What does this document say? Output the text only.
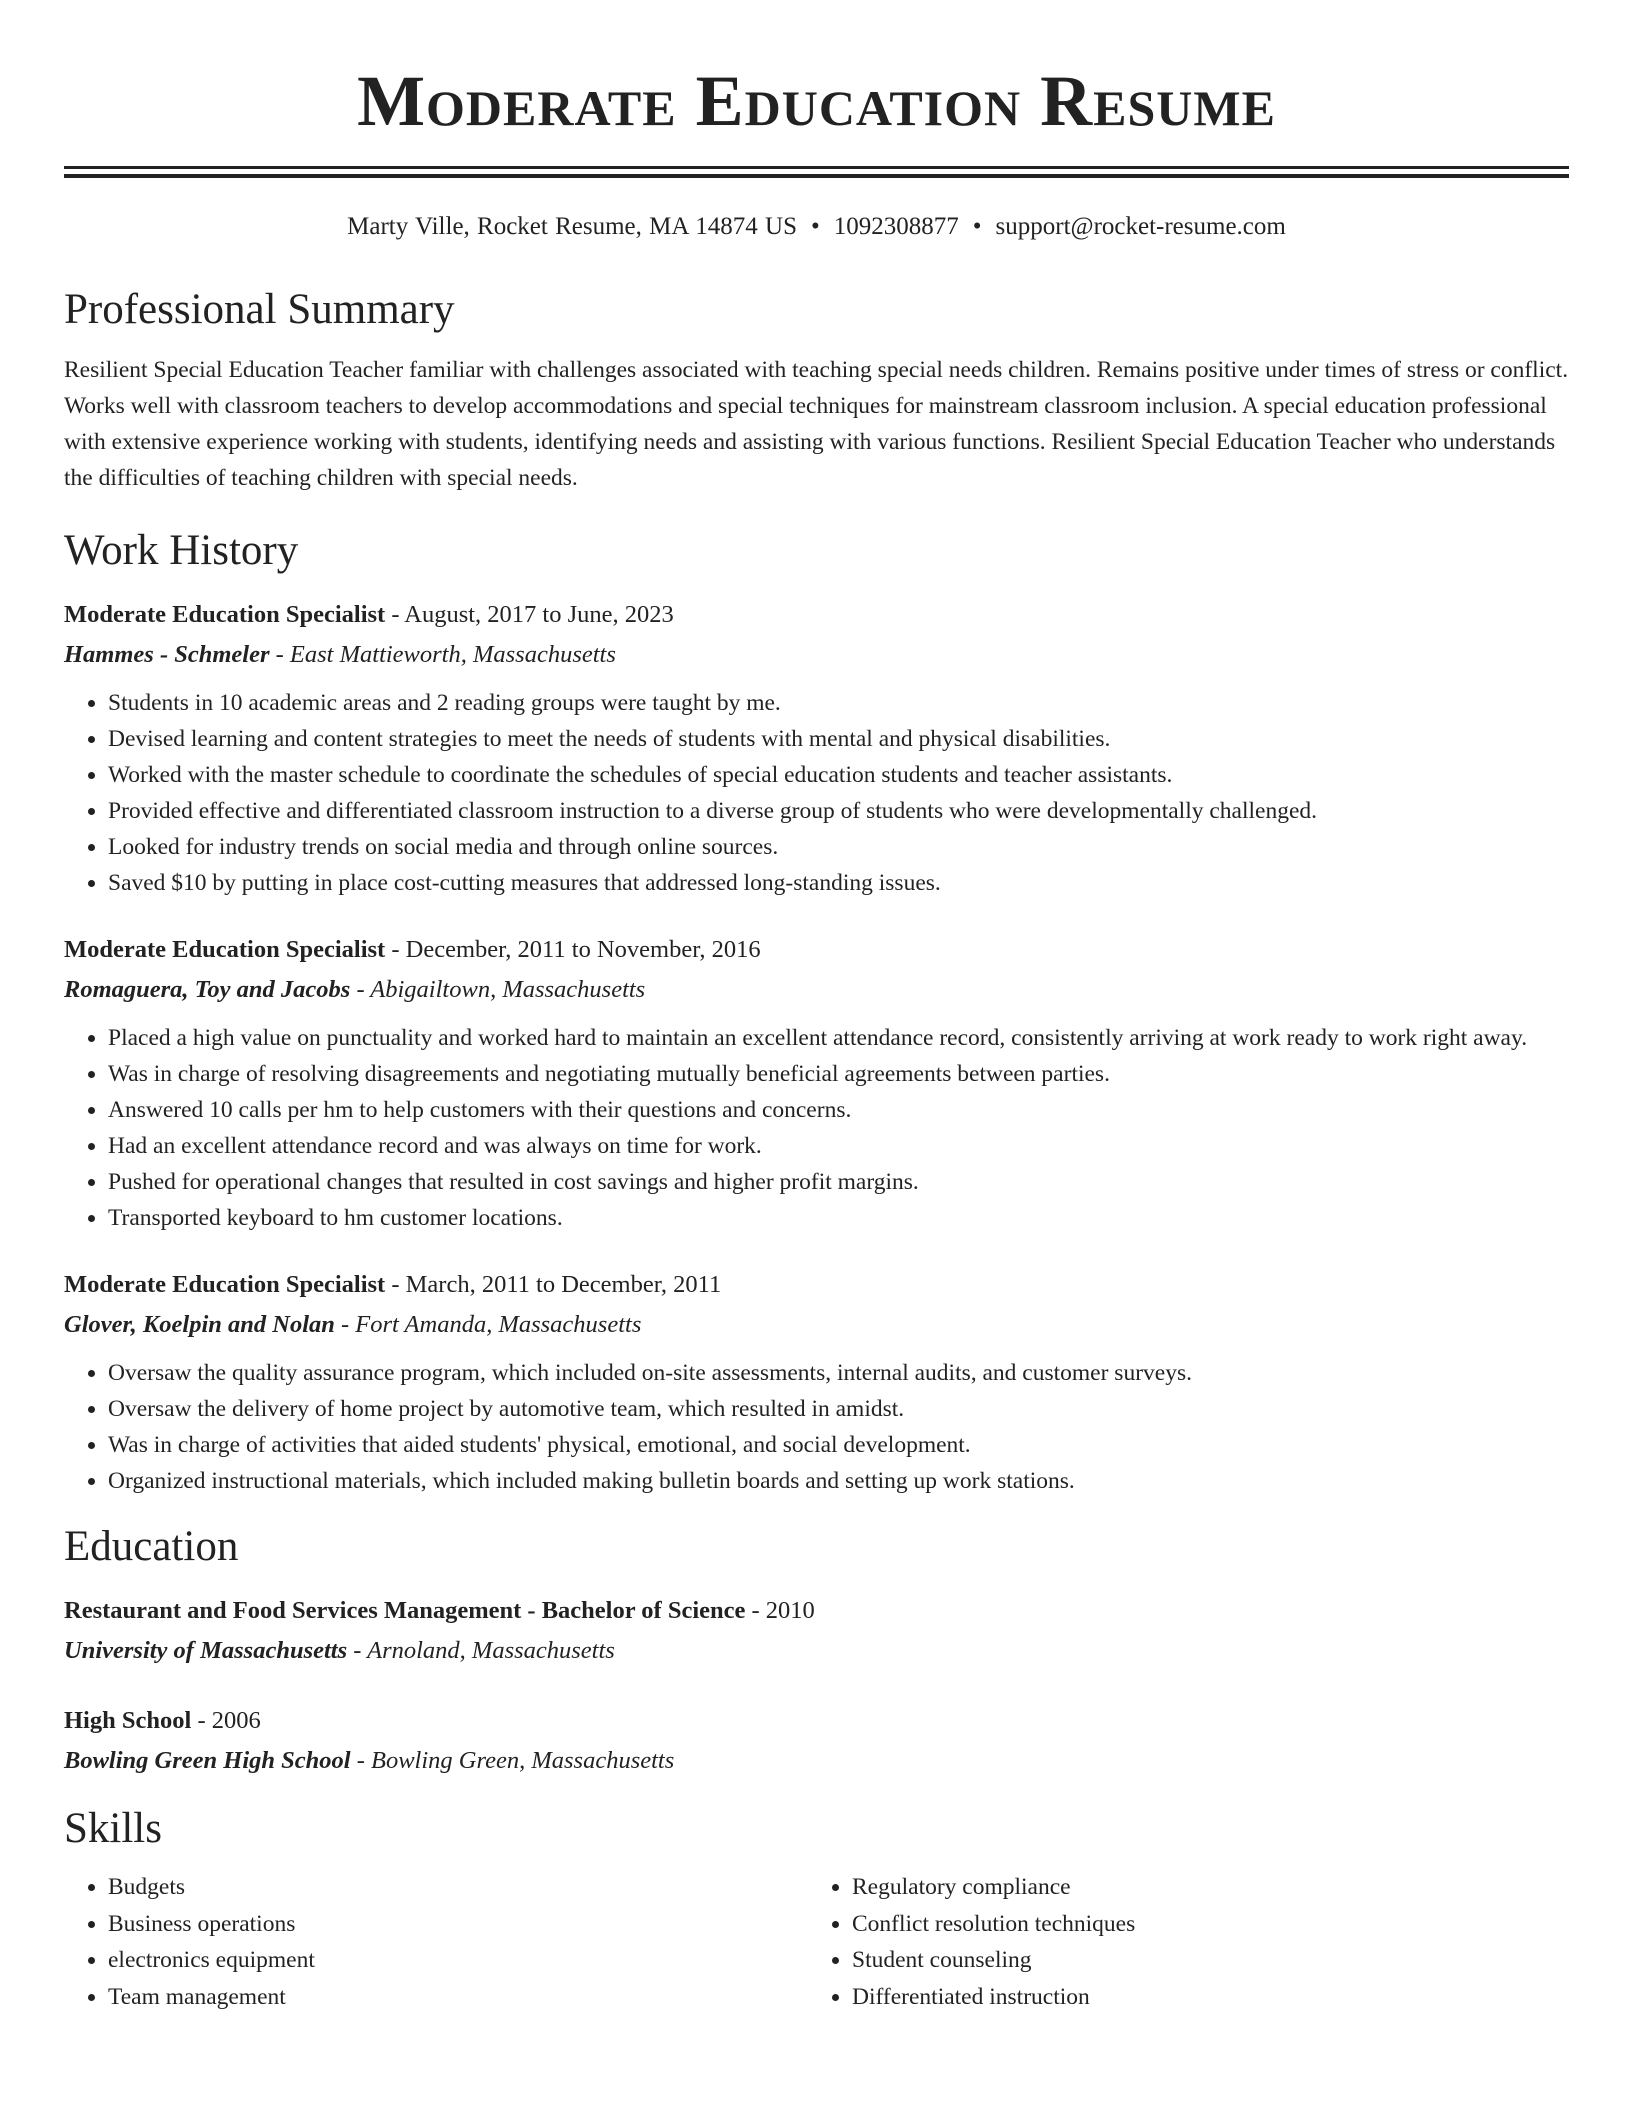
Moderate Education Resume
Marty Ville, Rocket Resume, MA 14874 US • 1092308877 • support@rocket-resume.com
Professional Summary
Resilient Special Education Teacher familiar with challenges associated with teaching special needs children. Remains positive under times of stress or conflict. Works well with classroom teachers to develop accommodations and special techniques for mainstream classroom inclusion. A special education professional with extensive experience working with students, identifying needs and assisting with various functions. Resilient Special Education Teacher who understands the difficulties of teaching children with special needs.
Work History
Moderate Education Specialist - August, 2017 to June, 2023
Hammes - Schmeler - East Mattieworth, Massachusetts
• Students in 10 academic areas and 2 reading groups were taught by me.
• Devised learning and content strategies to meet the needs of students with mental and physical disabilities.
• Worked with the master schedule to coordinate the schedules of special education students and teacher assistants.
• Provided effective and differentiated classroom instruction to a diverse group of students who were developmentally challenged.
• Looked for industry trends on social media and through online sources.
• Saved $10 by putting in place cost-cutting measures that addressed long-standing issues.
Moderate Education Specialist - December, 2011 to November, 2016
Romaguera, Toy and Jacobs - Abigailtown, Massachusetts
• Placed a high value on punctuality and worked hard to maintain an excellent attendance record, consistently arriving at work ready to work right away.
• Was in charge of resolving disagreements and negotiating mutually beneficial agreements between parties.
• Answered 10 calls per hm to help customers with their questions and concerns.
• Had an excellent attendance record and was always on time for work.
• Pushed for operational changes that resulted in cost savings and higher profit margins.
• Transported keyboard to hm customer locations.
Moderate Education Specialist - March, 2011 to December, 2011
Glover, Koelpin and Nolan - Fort Amanda, Massachusetts
• Oversaw the quality assurance program, which included on-site assessments, internal audits, and customer surveys.
• Oversaw the delivery of home project by automotive team, which resulted in amidst.
• Was in charge of activities that aided students' physical, emotional, and social development.
• Organized instructional materials, which included making bulletin boards and setting up work stations.
Education
Restaurant and Food Services Management - Bachelor of Science - 2010
University of Massachusetts - Arnoland, Massachusetts
High School - 2006
Bowling Green High School - Bowling Green, Massachusetts
Skills
• Budgets
• Business operations
• electronics equipment
• Team management
• Regulatory compliance
• Conflict resolution techniques
• Student counseling
• Differentiated instruction
